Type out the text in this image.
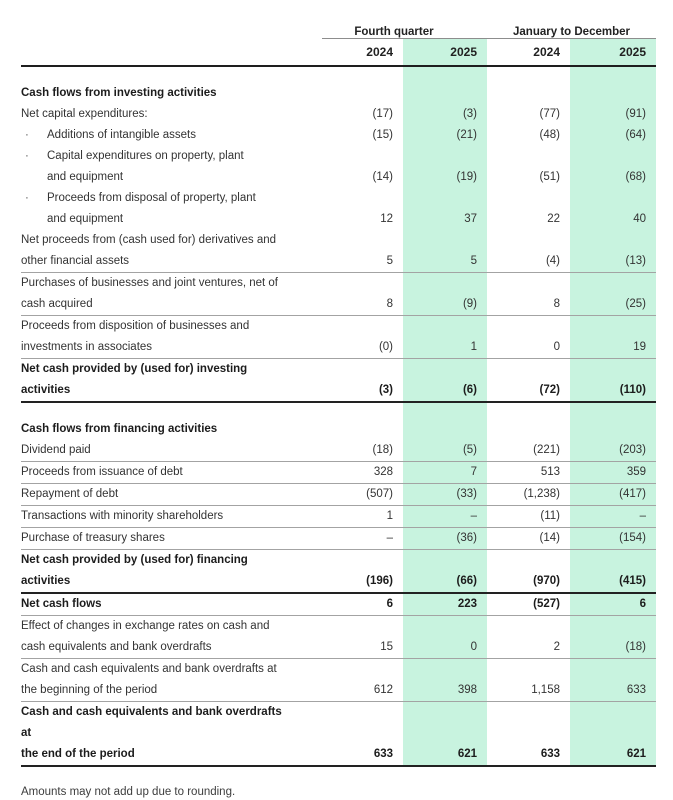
Fourth quarter	January to December
2024	2025	2024	2025
Cash flows from investing activities
Net capital expenditures:	(17)	(3)	(77)	(91)
· Additions of intangible assets	(15)	(21)	(48)	(64)
· Capital expenditures on property, plant
and equipment	(14)	(19)	(51)	(68)
· Proceeds from disposal of property, plant
and equipment	12	37	22	40
Net proceeds from (cash used for) derivatives and
other financial assets	5	5	(4)	(13)
Purchases of businesses and joint ventures, net of
cash acquired	8	(9)	8	(25)
Proceeds from disposition of businesses and
investments in associates	(0)	1	0	19
Net cash provided by (used for) investing activities	(3)	(6)	(72)	(110)
Cash flows from financing activities
Dividend paid	(18)	(5)	(221)	(203)
Proceeds from issuance of debt	328	7	513	359
Repayment of debt	(507)	(33)	(1,238)	(417)
Transactions with minority shareholders	1	–	(11)	–
Purchase of treasury shares	–	(36)	(14)	(154)
Net cash provided by (used for) financing activities	(196)	(66)	(970)	(415)
Net cash flows	6	223	(527)	6
Effect of changes in exchange rates on cash and
cash equivalents and bank overdrafts	15	0	2	(18)
Cash and cash equivalents and bank overdrafts at
the beginning of the period	612	398	1,158	633
Cash and cash equivalents and bank overdrafts at
the end of the period	633	621	633	621
Amounts may not add up due to rounding.
